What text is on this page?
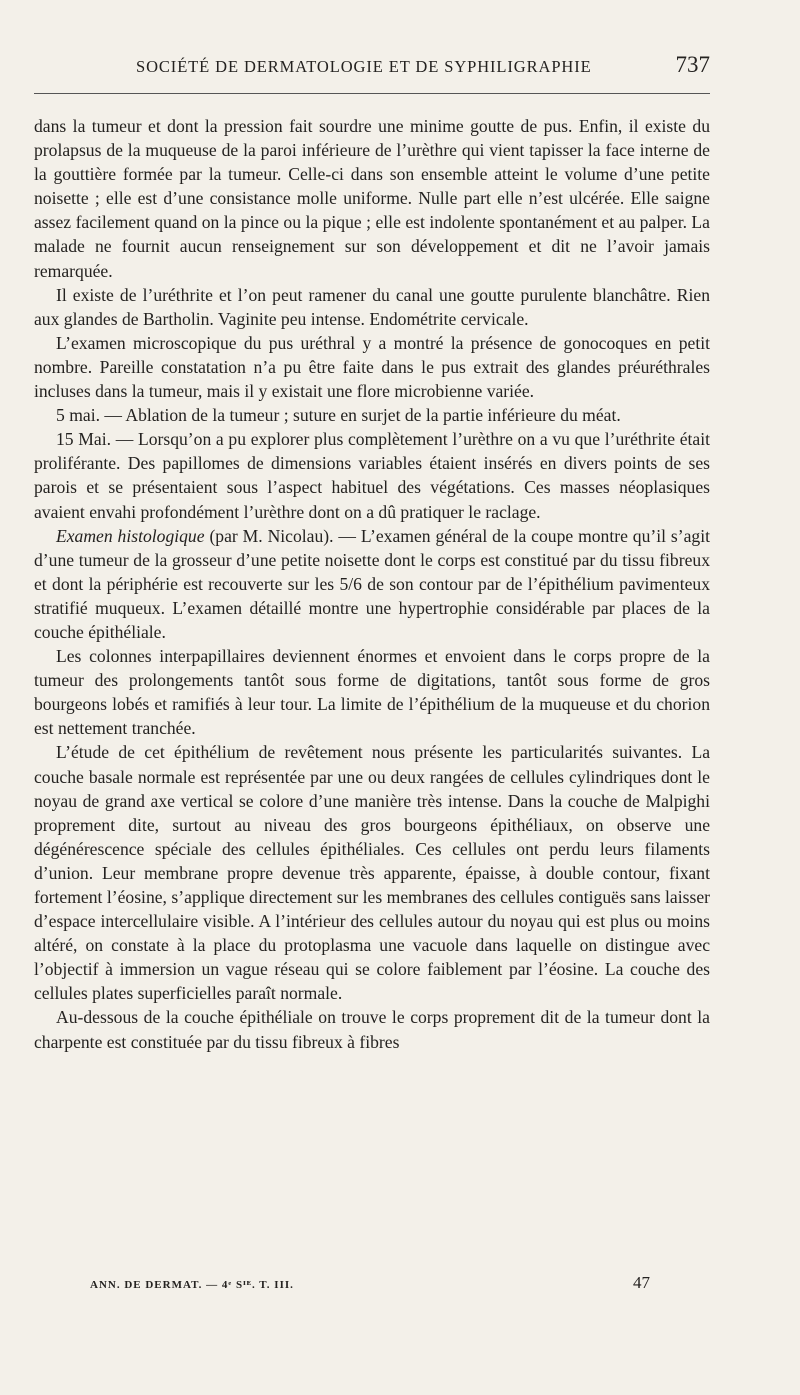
SOCIÉTÉ DE DERMATOLOGIE ET DE SYPHILIGRAPHIE	737

dans la tumeur et dont la pression fait sourdre une minime goutte de pus. Enfin, il existe du prolapsus de la muqueuse de la paroi inférieure de l’urèthre qui vient tapisser la face interne de la gouttière formée par la tumeur. Celle-ci dans son ensemble atteint le volume d’une petite noisette ; elle est d’une consistance molle uniforme. Nulle part elle n’est ulcérée. Elle saigne assez facilement quand on la pince ou la pique ; elle est indolente spontanément et au palper. La malade ne fournit aucun renseignement sur son développement et dit ne l’avoir jamais remarquée.

Il existe de l’uréthrite et l’on peut ramener du canal une goutte purulente blanchâtre. Rien aux glandes de Bartholin. Vaginite peu intense. Endométrite cervicale.

L’examen microscopique du pus uréthral y a montré la présence de gonocoques en petit nombre. Pareille constatation n’a pu être faite dans le pus extrait des glandes préuréthrales incluses dans la tumeur, mais il y existait une flore microbienne variée.

5 mai. — Ablation de la tumeur ; suture en surjet de la partie inférieure du méat.

15 Mai. — Lorsqu’on a pu explorer plus complètement l’urèthre on a vu que l’uréthrite était proliférante. Des papillomes de dimensions variables étaient insérés en divers points de ses parois et se présentaient sous l’aspect habituel des végétations. Ces masses néoplasiques avaient envahi profondément l’urèthre dont on a dû pratiquer le raclage.

Examen histologique (par M. Nicolau). — L’examen général de la coupe montre qu’il s’agit d’une tumeur de la grosseur d’une petite noisette dont le corps est constitué par du tissu fibreux et dont la périphérie est recouverte sur les 5/6 de son contour par de l’épithélium pavimenteux stratifié muqueux. L’examen détaillé montre une hypertrophie considérable par places de la couche épithéliale.

Les colonnes interpapillaires deviennent énormes et envoient dans le corps propre de la tumeur des prolongements tantôt sous forme de digitations, tantôt sous forme de gros bourgeons lobés et ramifiés à leur tour. La limite de l’épithélium de la muqueuse et du chorion est nettement tranchée.

L’étude de cet épithélium de revêtement nous présente les particularités suivantes. La couche basale normale est représentée par une ou deux rangées de cellules cylindriques dont le noyau de grand axe vertical se colore d’une manière très intense. Dans la couche de Malpighi proprement dite, surtout au niveau des gros bourgeons épithéliaux, on observe une dégénérescence spéciale des cellules épithéliales. Ces cellules ont perdu leurs filaments d’union. Leur membrane propre devenue très apparente, épaisse, à double contour, fixant fortement l’éosine, s’applique directement sur les membranes des cellules contiguës sans laisser d’espace intercellulaire visible. A l’intérieur des cellules autour du noyau qui est plus ou moins altéré, on constate à la place du protoplasma une vacuole dans laquelle on distingue avec l’objectif à immersion un vague réseau qui se colore faiblement par l’éosine. La couche des cellules plates superficielles paraît normale.

Au-dessous de la couche épithéliale on trouve le corps proprement dit de la tumeur dont la charpente est constituée par du tissu fibreux à fibres

ANN. DE DERMAT. — 4ᵉ Sᴵᴱ. T. III.	47
